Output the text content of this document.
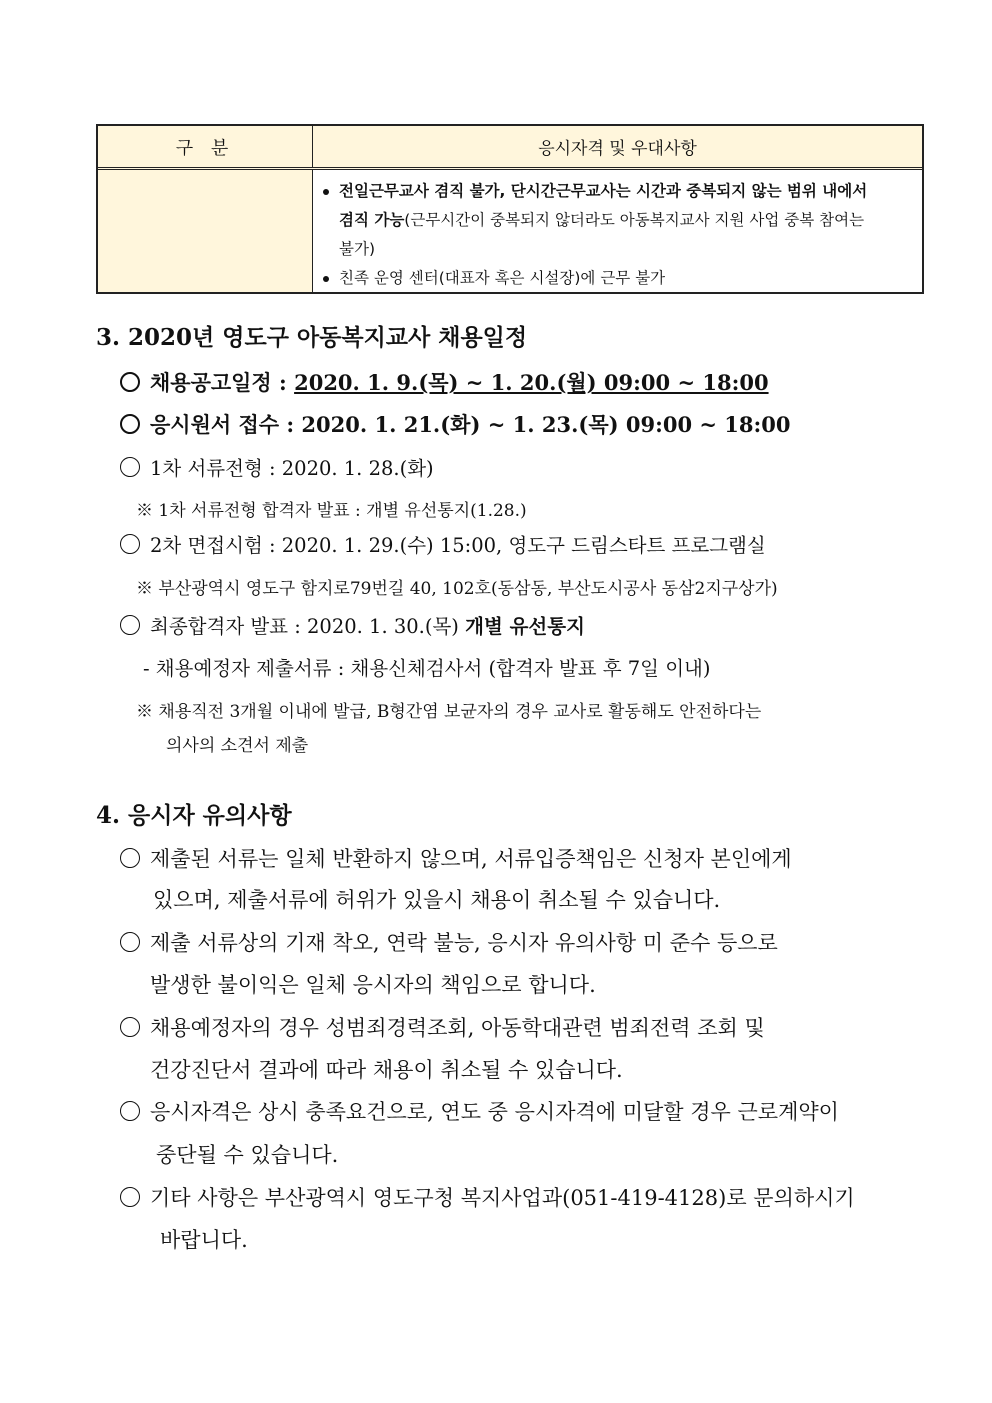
구 분	응시자격 및 우대사항
전일근무교사 겸직 불가, 단시간근무교사는 시간과 중복되지 않는 범위 내에서
겸직 가능(근무시간이 중복되지 않더라도 아동복지교사 지원 사업 중복 참여는
불가)
친족 운영 센터(대표자 혹은 시설장)에 근무 불가
3. 2020년 영도구 아동복지교사 채용일정
채용공고일정 : 2020. 1. 9.(목) ~ 1. 20.(월) 09:00 ~ 18:00
응시원서 접수 : 2020. 1. 21.(화) ~ 1. 23.(목) 09:00 ~ 18:00
1차 서류전형 : 2020. 1. 28.(화)
※ 1차 서류전형 합격자 발표 : 개별 유선통지(1.28.)
2차 면접시험 : 2020. 1. 29.(수) 15:00, 영도구 드림스타트 프로그램실
※ 부산광역시 영도구 함지로79번길 40, 102호(동삼동, 부산도시공사 동삼2지구상가)
최종합격자 발표 : 2020. 1. 30.(목) 개별 유선통지
- 채용예정자 제출서류 : 채용신체검사서 (합격자 발표 후 7일 이내)
※ 채용직전 3개월 이내에 발급, B형간염 보균자의 경우 교사로 활동해도 안전하다는
의사의 소견서 제출
4. 응시자 유의사항
제출된 서류는 일체 반환하지 않으며, 서류입증책임은 신청자 본인에게
있으며, 제출서류에 허위가 있을시 채용이 취소될 수 있습니다.
제출 서류상의 기재 착오, 연락 불능, 응시자 유의사항 미 준수 등으로
발생한 불이익은 일체 응시자의 책임으로 합니다.
채용예정자의 경우 성범죄경력조회, 아동학대관련 범죄전력 조회 및
건강진단서 결과에 따라 채용이 취소될 수 있습니다.
응시자격은 상시 충족요건으로, 연도 중 응시자격에 미달할 경우 근로계약이
중단될 수 있습니다.
기타 사항은 부산광역시 영도구청 복지사업과(051-419-4128)로 문의하시기
바랍니다.
